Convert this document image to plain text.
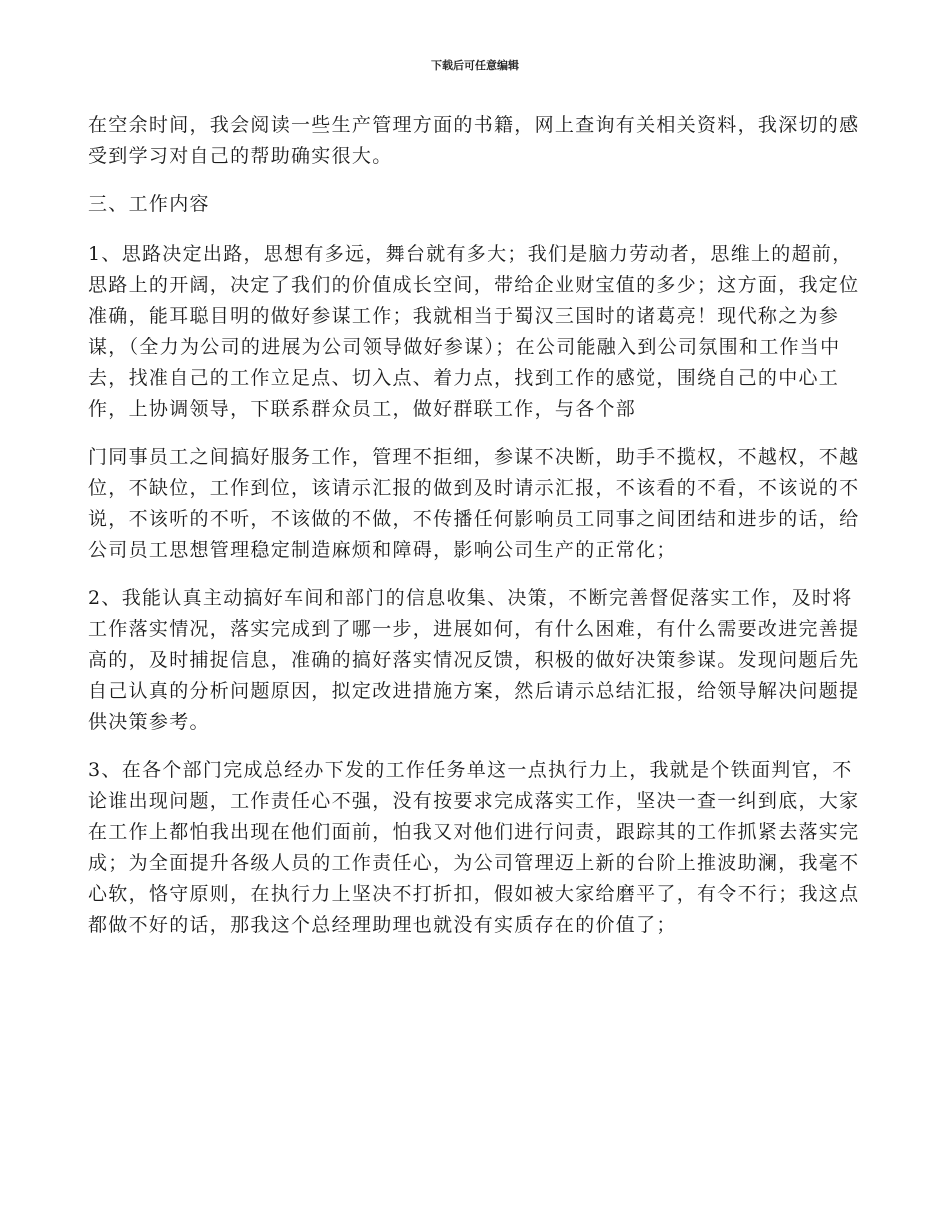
下载后可任意编辑

在空余时间，我会阅读一些生产管理方面的书籍，网上查询有关相关资料，我深切的感受到学习对自己的帮助确实很大。

三、工作内容

1、思路决定出路，思想有多远，舞台就有多大；我们是脑力劳动者，思维上的超前，思路上的开阔，决定了我们的价值成长空间，带给企业财宝值的多少；这方面，我定位准确，能耳聪目明的做好参谋工作；我就相当于蜀汉三国时的诸葛亮！现代称之为参谋，（全力为公司的进展为公司领导做好参谋）；在公司能融入到公司氛围和工作当中去，找准自己的工作立足点、切入点、着力点，找到工作的感觉，围绕自己的中心工作，上协调领导，下联系群众员工，做好群联工作，与各个部

门同事员工之间搞好服务工作，管理不拒细，参谋不决断，助手不揽权，不越权，不越位，不缺位，工作到位，该请示汇报的做到及时请示汇报，不该看的不看，不该说的不说，不该听的不听，不该做的不做，不传播任何影响员工同事之间团结和进步的话，给公司员工思想管理稳定制造麻烦和障碍，影响公司生产的正常化；

2、我能认真主动搞好车间和部门的信息收集、决策，不断完善督促落实工作，及时将工作落实情况，落实完成到了哪一步，进展如何，有什么困难，有什么需要改进完善提高的，及时捕捉信息，准确的搞好落实情况反馈，积极的做好决策参谋。发现问题后先自己认真的分析问题原因，拟定改进措施方案，然后请示总结汇报，给领导解决问题提供决策参考。

3、在各个部门完成总经办下发的工作任务单这一点执行力上，我就是个铁面判官，不论谁出现问题，工作责任心不强，没有按要求完成落实工作，坚决一查一纠到底，大家在工作上都怕我出现在他们面前，怕我又对他们进行问责，跟踪其的工作抓紧去落实完成；为全面提升各级人员的工作责任心，为公司管理迈上新的台阶上推波助澜，我毫不心软，恪守原则，在执行力上坚决不打折扣，假如被大家给磨平了，有令不行；我这点都做不好的话，那我这个总经理助理也就没有实质存在的价值了；
